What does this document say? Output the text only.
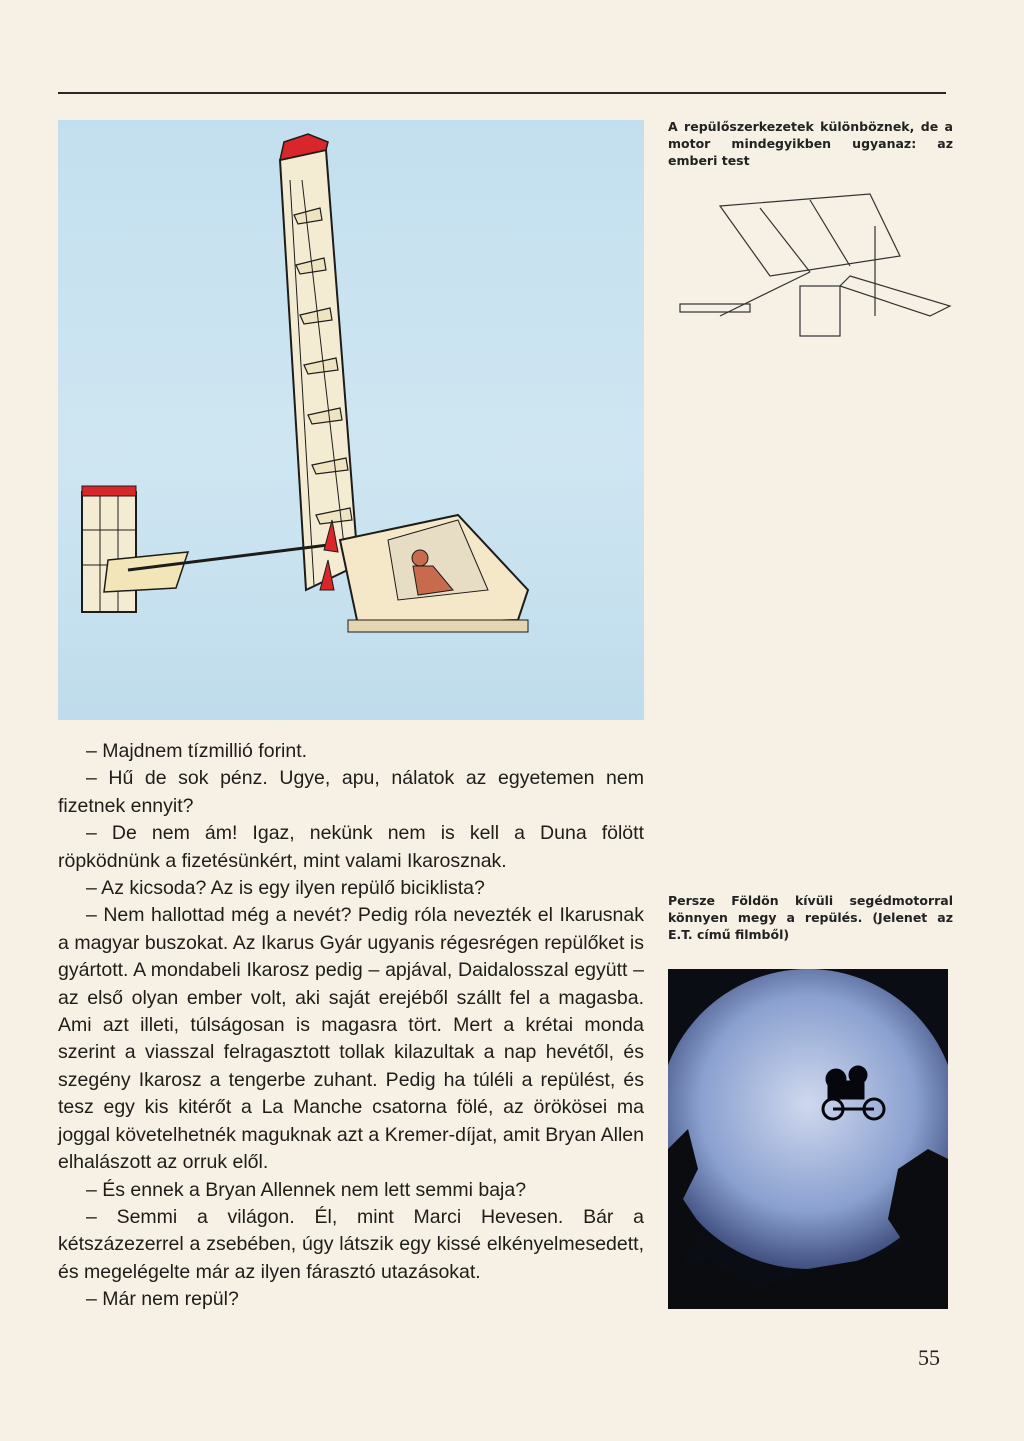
A repülőszerkezetek különböznek, de a motor mindegyikben ugyanaz: az emberi test
Persze Földön kívüli segédmotorral könnyen megy a repülés. (Jelenet az E.T. című filmből)

– Majdnem tízmillió forint.

– Hű de sok pénz. Ugye, apu, nálatok az egyetemen nem fizetnek ennyit?

– De nem ám! Igaz, nekünk nem is kell a Duna fölött röpködnünk a fizetésünkért, mint valami Ikarosznak.

– Az kicsoda? Az is egy ilyen repülő biciklista?

– Nem hallottad még a nevét? Pedig róla nevezték el Ikarusnak a magyar buszokat. Az Ikarus Gyár ugyanis régesrégen repülőket is gyártott. A mondabeli Ikarosz pedig – apjával, Daidalosszal együtt – az első olyan ember volt, aki saját erejéből szállt fel a magasba. Ami azt illeti, túlságosan is magasra tört. Mert a krétai monda szerint a viasszal felragasztott tollak kilazultak a nap hevétől, és szegény Ikarosz a tengerbe zuhant. Pedig ha túléli a repülést, és tesz egy kis kitérőt a La Manche csatorna fölé, az örökösei ma joggal követelhetnék maguknak azt a Kremer-díjat, amit Bryan Allen elhalászott az orruk elől.

– És ennek a Bryan Allennek nem lett semmi baja?

– Semmi a világon. Él, mint Marci Hevesen. Bár a kétszázezerrel a zsebében, úgy látszik egy kissé elkényelmesedett, és megelégelte már az ilyen fárasztó utazásokat.

– Már nem repül?

55
